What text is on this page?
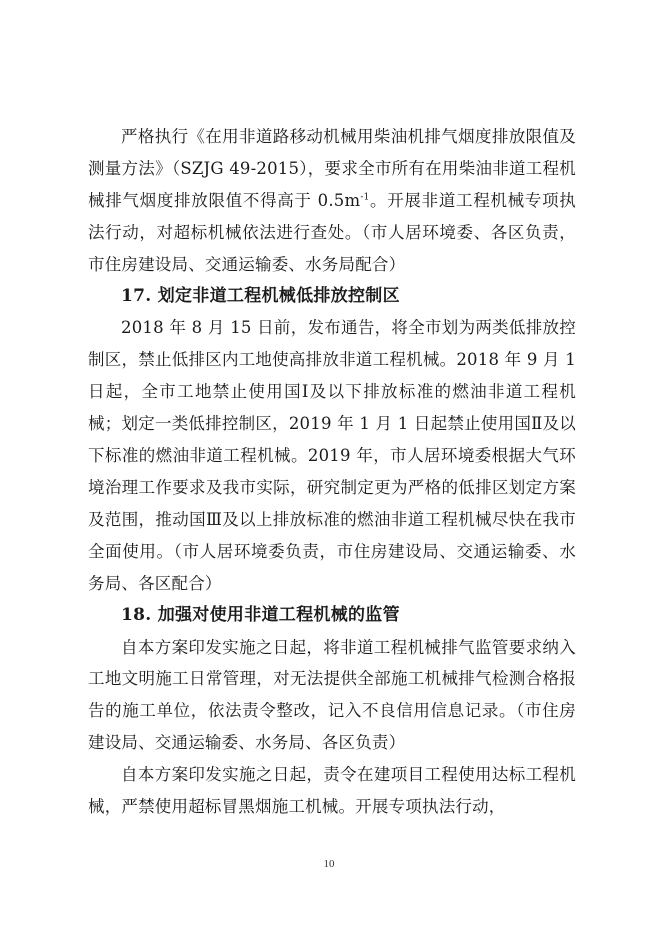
严格执行《在用非道路移动机械用柴油机排气烟度排放限值及测量方法》（SZJG 49-2015），要求全市所有在用柴油非道工程机械排气烟度排放限值不得高于 $0.5m^{-1}$。开展非道工程机械专项执法行动，对超标机械依法进行查处。（市人居环境委、各区负责，市住房建设局、交通运输委、水务局配合）

17. 划定非道工程机械低排放控制区

2018 年 8 月 15 日前，发布通告，将全市划为两类低排放控制区，禁止低排区内工地使高排放非道工程机械。2018 年 9 月 1 日起，全市工地禁止使用国Ⅰ及以下排放标准的燃油非道工程机械；划定一类低排控制区，2019 年 1 月 1 日起禁止使用国Ⅱ及以下标准的燃油非道工程机械。2019 年，市人居环境委根据大气环境治理工作要求及我市实际，研究制定更为严格的低排区划定方案及范围，推动国Ⅲ及以上排放标准的燃油非道工程机械尽快在我市全面使用。（市人居环境委负责，市住房建设局、交通运输委、水务局、各区配合）

18. 加强对使用非道工程机械的监管

自本方案印发实施之日起，将非道工程机械排气监管要求纳入工地文明施工日常管理，对无法提供全部施工机械排气检测合格报告的施工单位，依法责令整改，记入不良信用信息记录。（市住房建设局、交通运输委、水务局、各区负责）

自本方案印发实施之日起，责令在建项目工程使用达标工程机械，严禁使用超标冒黑烟施工机械。开展专项执法行动，

10
